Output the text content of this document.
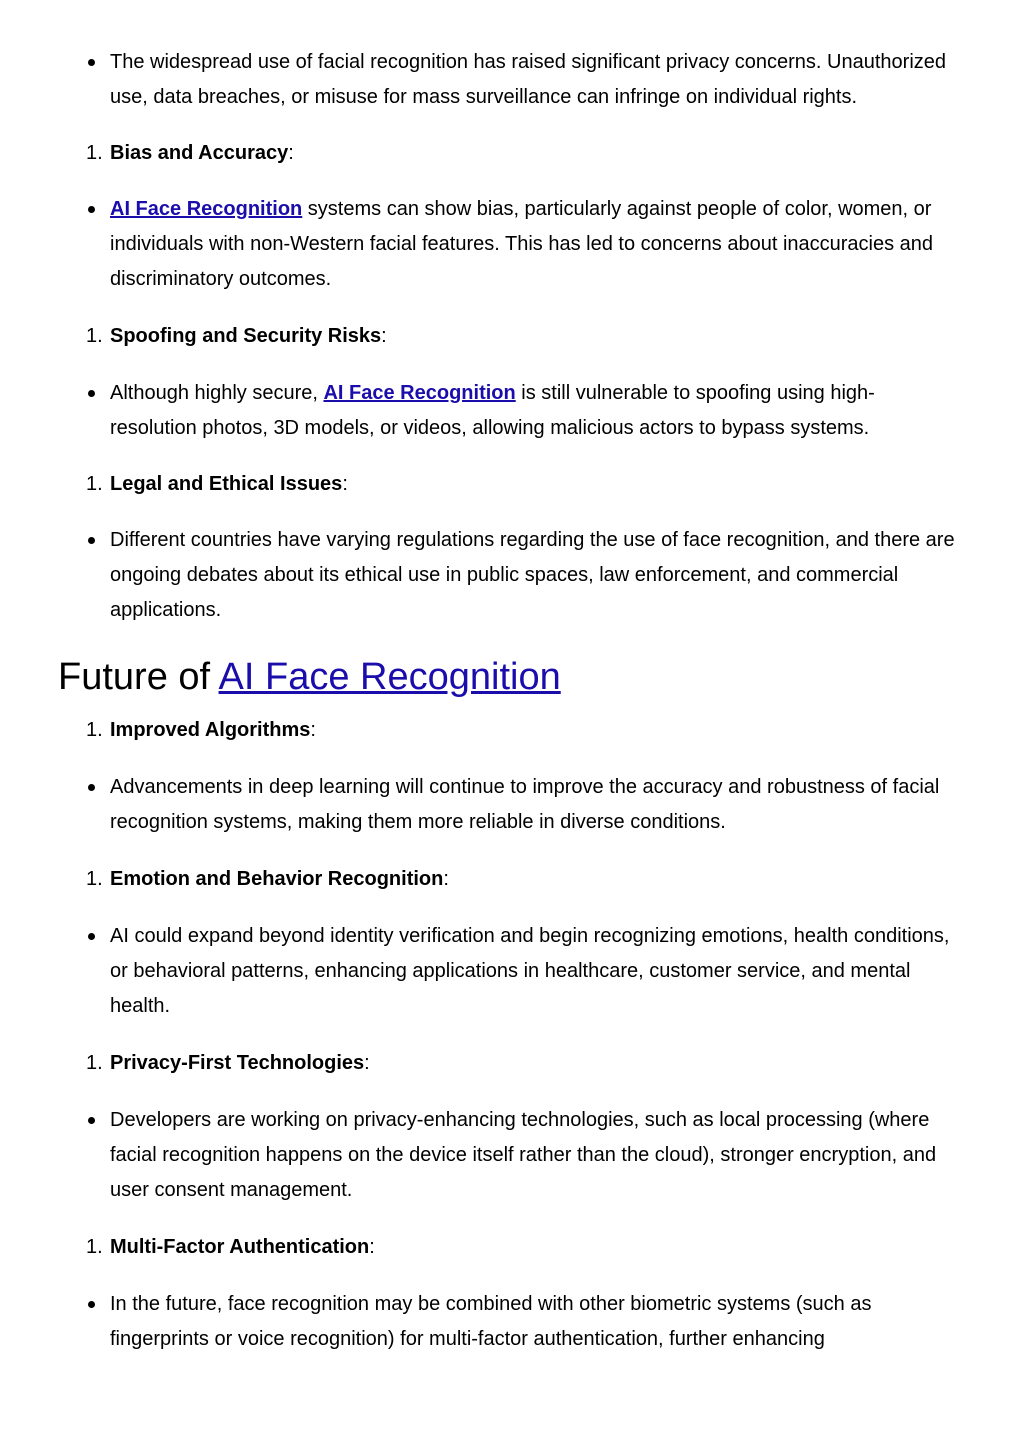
The widespread use of facial recognition has raised significant privacy concerns. Unauthorized use, data breaches, or misuse for mass surveillance can infringe on individual rights.
1. Bias and Accuracy:
AI Face Recognition systems can show bias, particularly against people of color, women, or individuals with non-Western facial features. This has led to concerns about inaccuracies and discriminatory outcomes.
1. Spoofing and Security Risks:
Although highly secure, AI Face Recognition is still vulnerable to spoofing using high-resolution photos, 3D models, or videos, allowing malicious actors to bypass systems.
1. Legal and Ethical Issues:
Different countries have varying regulations regarding the use of face recognition, and there are ongoing debates about its ethical use in public spaces, law enforcement, and commercial applications.
Future of AI Face Recognition
1. Improved Algorithms:
Advancements in deep learning will continue to improve the accuracy and robustness of facial recognition systems, making them more reliable in diverse conditions.
1. Emotion and Behavior Recognition:
AI could expand beyond identity verification and begin recognizing emotions, health conditions, or behavioral patterns, enhancing applications in healthcare, customer service, and mental health.
1. Privacy-First Technologies:
Developers are working on privacy-enhancing technologies, such as local processing (where facial recognition happens on the device itself rather than the cloud), stronger encryption, and user consent management.
1. Multi-Factor Authentication:
In the future, face recognition may be combined with other biometric systems (such as fingerprints or voice recognition) for multi-factor authentication, further enhancing
